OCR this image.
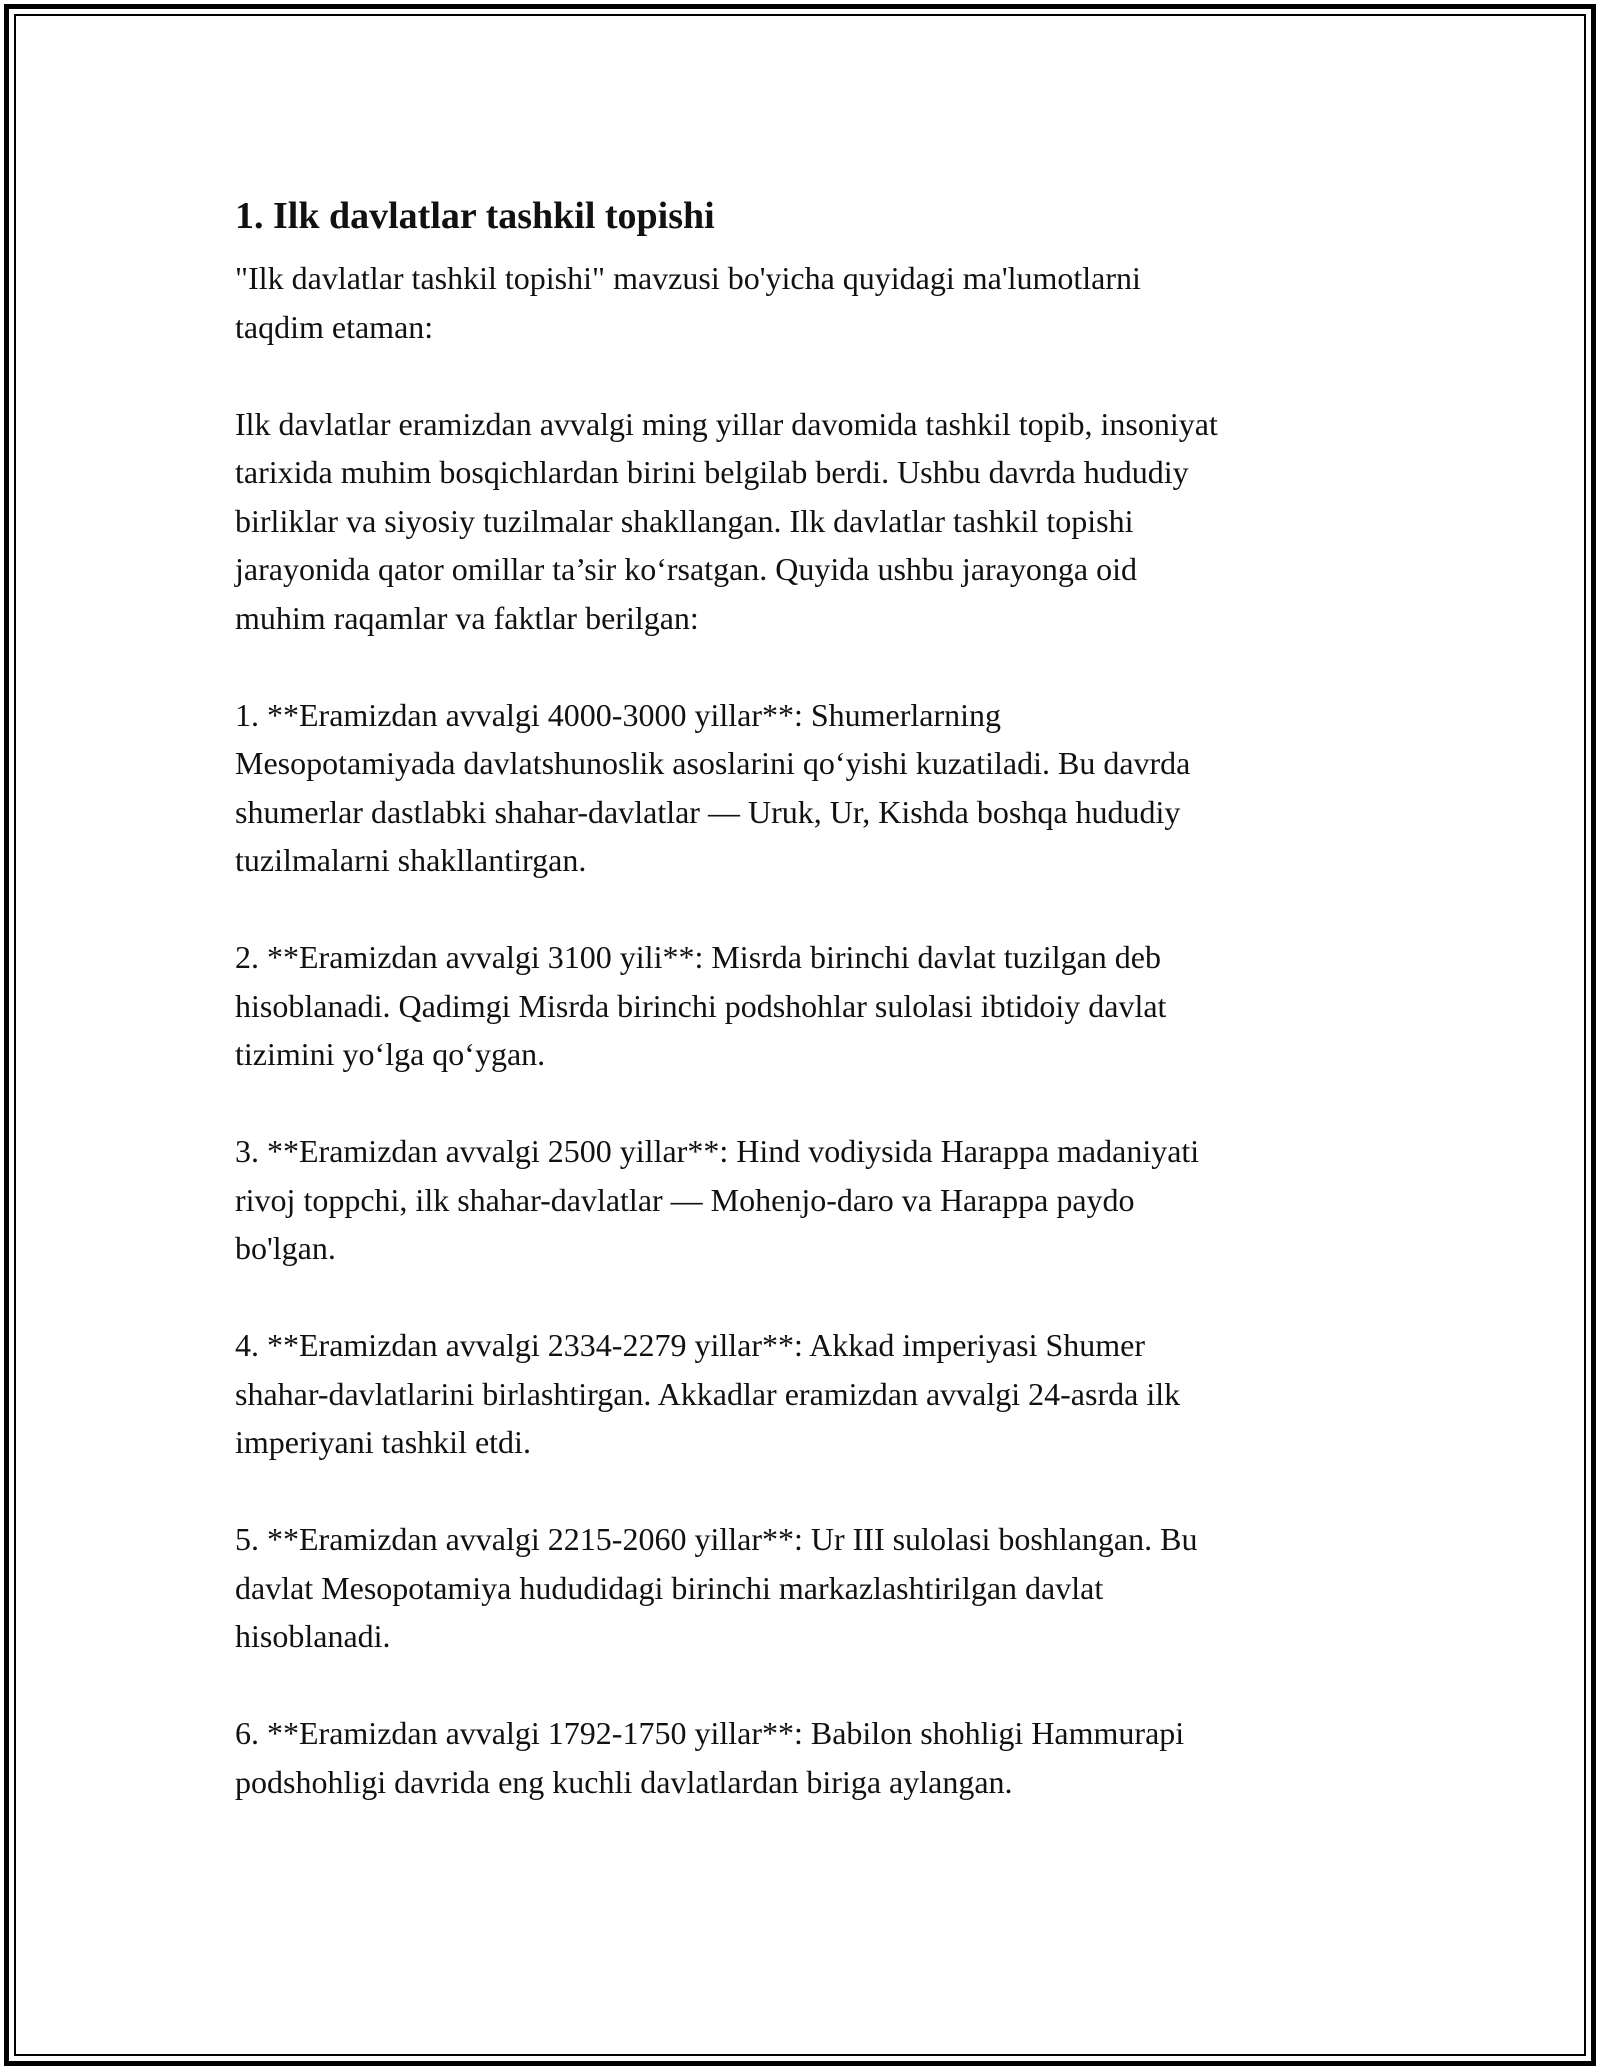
1. Ilk davlatlar tashkil topishi

"Ilk davlatlar tashkil topishi" mavzusi bo'yicha quyidagi ma'lumotlarni
taqdim etaman:

Ilk davlatlar eramizdan avvalgi ming yillar davomida tashkil topib, insoniyat
tarixida muhim bosqichlardan birini belgilab berdi. Ushbu davrda hududiy
birliklar va siyosiy tuzilmalar shakllangan. Ilk davlatlar tashkil topishi
jarayonida qator omillar ta’sir ko‘rsatgan. Quyida ushbu jarayonga oid
muhim raqamlar va faktlar berilgan:

1. **Eramizdan avvalgi 4000-3000 yillar**: Shumerlarning
Mesopotamiyada davlatshunoslik asoslarini qo‘yishi kuzatiladi. Bu davrda
shumerlar dastlabki shahar-davlatlar — Uruk, Ur, Kishda boshqa hududiy
tuzilmalarni shakllantirgan.

2. **Eramizdan avvalgi 3100 yili**: Misrda birinchi davlat tuzilgan deb
hisoblanadi. Qadimgi Misrda birinchi podshohlar sulolasi ibtidoiy davlat
tizimini yo‘lga qo‘ygan.

3. **Eramizdan avvalgi 2500 yillar**: Hind vodiysida Harappa madaniyati
rivoj toppchi, ilk shahar-davlatlar — Mohenjo-daro va Harappa paydo
bo'lgan.

4. **Eramizdan avvalgi 2334-2279 yillar**: Akkad imperiyasi Shumer
shahar-davlatlarini birlashtirgan. Akkadlar eramizdan avvalgi 24-asrda ilk
imperiyani tashkil etdi.

5. **Eramizdan avvalgi 2215-2060 yillar**: Ur III sulolasi boshlangan. Bu
davlat Mesopotamiya hududidagi birinchi markazlashtirilgan davlat
hisoblanadi.

6. **Eramizdan avvalgi 1792-1750 yillar**: Babilon shohligi Hammurapi
podshohligi davrida eng kuchli davlatlardan biriga aylangan.
